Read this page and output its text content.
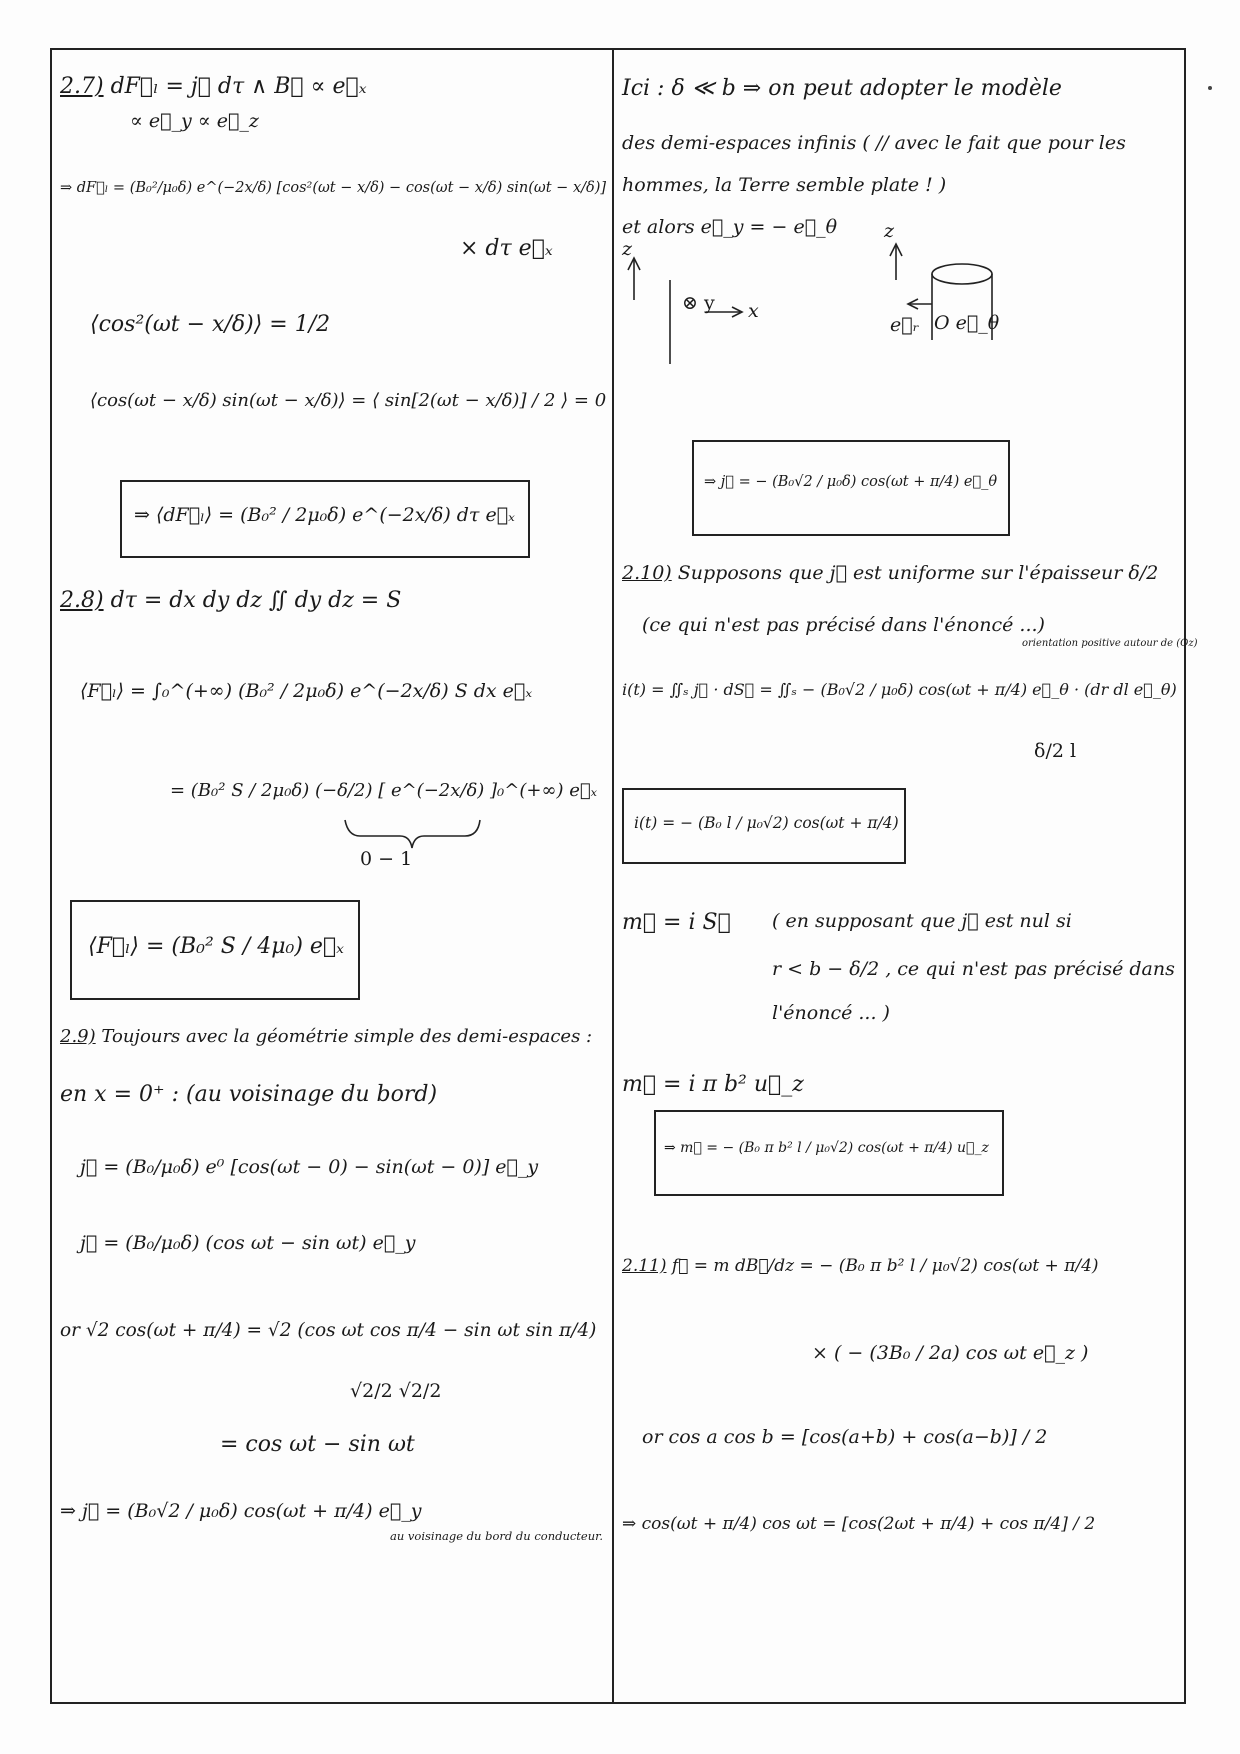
2.7) dF⃗ₗ = j⃗ dτ ∧ B⃗ ∝ e⃗ₓ
∝ e⃗_y ∝ e⃗_z
⇒ dF⃗ₗ = (B₀²/μ₀δ) e^(−2x/δ) [cos²(ωt − x/δ) − cos(ωt − x/δ) sin(ωt − x/δ)]
× dτ e⃗ₓ
⟨cos²(ωt − x/δ)⟩ = 1/2
⟨cos(ωt − x/δ) sin(ωt − x/δ)⟩ = ⟨ sin[2(ωt − x/δ)] / 2 ⟩ = 0
⇒ ⟨dF⃗ₗ⟩ = (B₀² / 2μ₀δ) e^(−2x/δ) dτ e⃗ₓ
2.8) dτ = dx dy dz ∬ dy dz = S
⟨F⃗ₗ⟩ = ∫₀^(+∞) (B₀² / 2μ₀δ) e^(−2x/δ) S dx e⃗ₓ
= (B₀² S / 2μ₀δ) (−δ/2) [ e^(−2x/δ) ]₀^(+∞) e⃗ₓ
0 − 1
⟨F⃗ₗ⟩ = (B₀² S / 4μ₀) e⃗ₓ
2.9) Toujours avec la géométrie simple des demi-espaces :
en x = 0⁺ : (au voisinage du bord)
j⃗ = (B₀/μ₀δ) e⁰ [cos(ωt − 0) − sin(ωt − 0)] e⃗_y
j⃗ = (B₀/μ₀δ) (cos ωt − sin ωt) e⃗_y
or √2 cos(ωt + π/4) = √2 (cos ωt cos π/4 − sin ωt sin π/4)
√2/2 √2/2
= cos ωt − sin ωt
⇒ j⃗ = (B₀√2 / μ₀δ) cos(ωt + π/4) e⃗_y
au voisinage du bord du conducteur.
Ici : δ ≪ b ⇒ on peut adopter le modèle
des demi-espaces infinis ( // avec le fait que pour les
hommes, la Terre semble plate ! )
et alors e⃗_y = − e⃗_θ
z
⊗ y x
z
e⃗ᵣ O e⃗_θ
⇒ j⃗ = − (B₀√2 / μ₀δ) cos(ωt + π/4) e⃗_θ
2.10) Supposons que j⃗ est uniforme sur l'épaisseur δ/2
(ce qui n'est pas précisé dans l'énoncé ...)
orientation positive autour de (Oz)
i(t) = ∬ₛ j⃗ · dS⃗ = ∬ₛ − (B₀√2 / μ₀δ) cos(ωt + π/4) e⃗_θ · (dr dl e⃗_θ)
δ/2 l
i(t) = − (B₀ l / μ₀√2) cos(ωt + π/4)
m⃗ = i S⃗ ( en supposant que j⃗ est nul si
r < b − δ/2 , ce qui n'est pas précisé dans
l'énoncé ... )
m⃗ = i π b² u⃗_z
⇒ m⃗ = − (B₀ π b² l / μ₀√2) cos(ωt + π/4) u⃗_z
2.11) f⃗ = m dB⃗/dz = − (B₀ π b² l / μ₀√2) cos(ωt + π/4)
× ( − (3B₀ / 2a) cos ωt e⃗_z )
or cos a cos b = [cos(a+b) + cos(a−b)] / 2
⇒ cos(ωt + π/4) cos ωt = [cos(2ωt + π/4) + cos π/4] / 2
